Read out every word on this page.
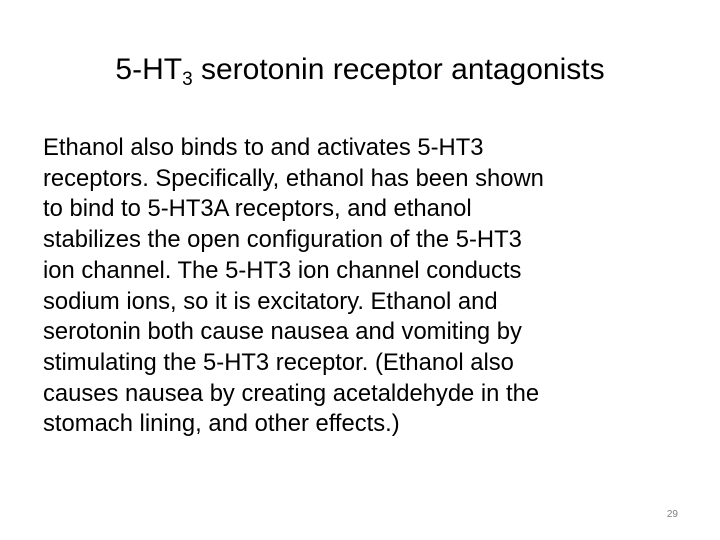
$5-HT_3$ serotonin receptor antagonists
Ethanol also binds to and activates 5-HT3
receptors. Specifically, ethanol has been shown
to bind to 5-HT3A receptors, and ethanol
stabilizes the open configuration of the 5-HT3
ion channel. The 5-HT3 ion channel conducts
sodium ions, so it is excitatory. Ethanol and
serotonin both cause nausea and vomiting by
stimulating the 5-HT3 receptor. (Ethanol also
causes nausea by creating acetaldehyde in the
stomach lining, and other effects.)
29
